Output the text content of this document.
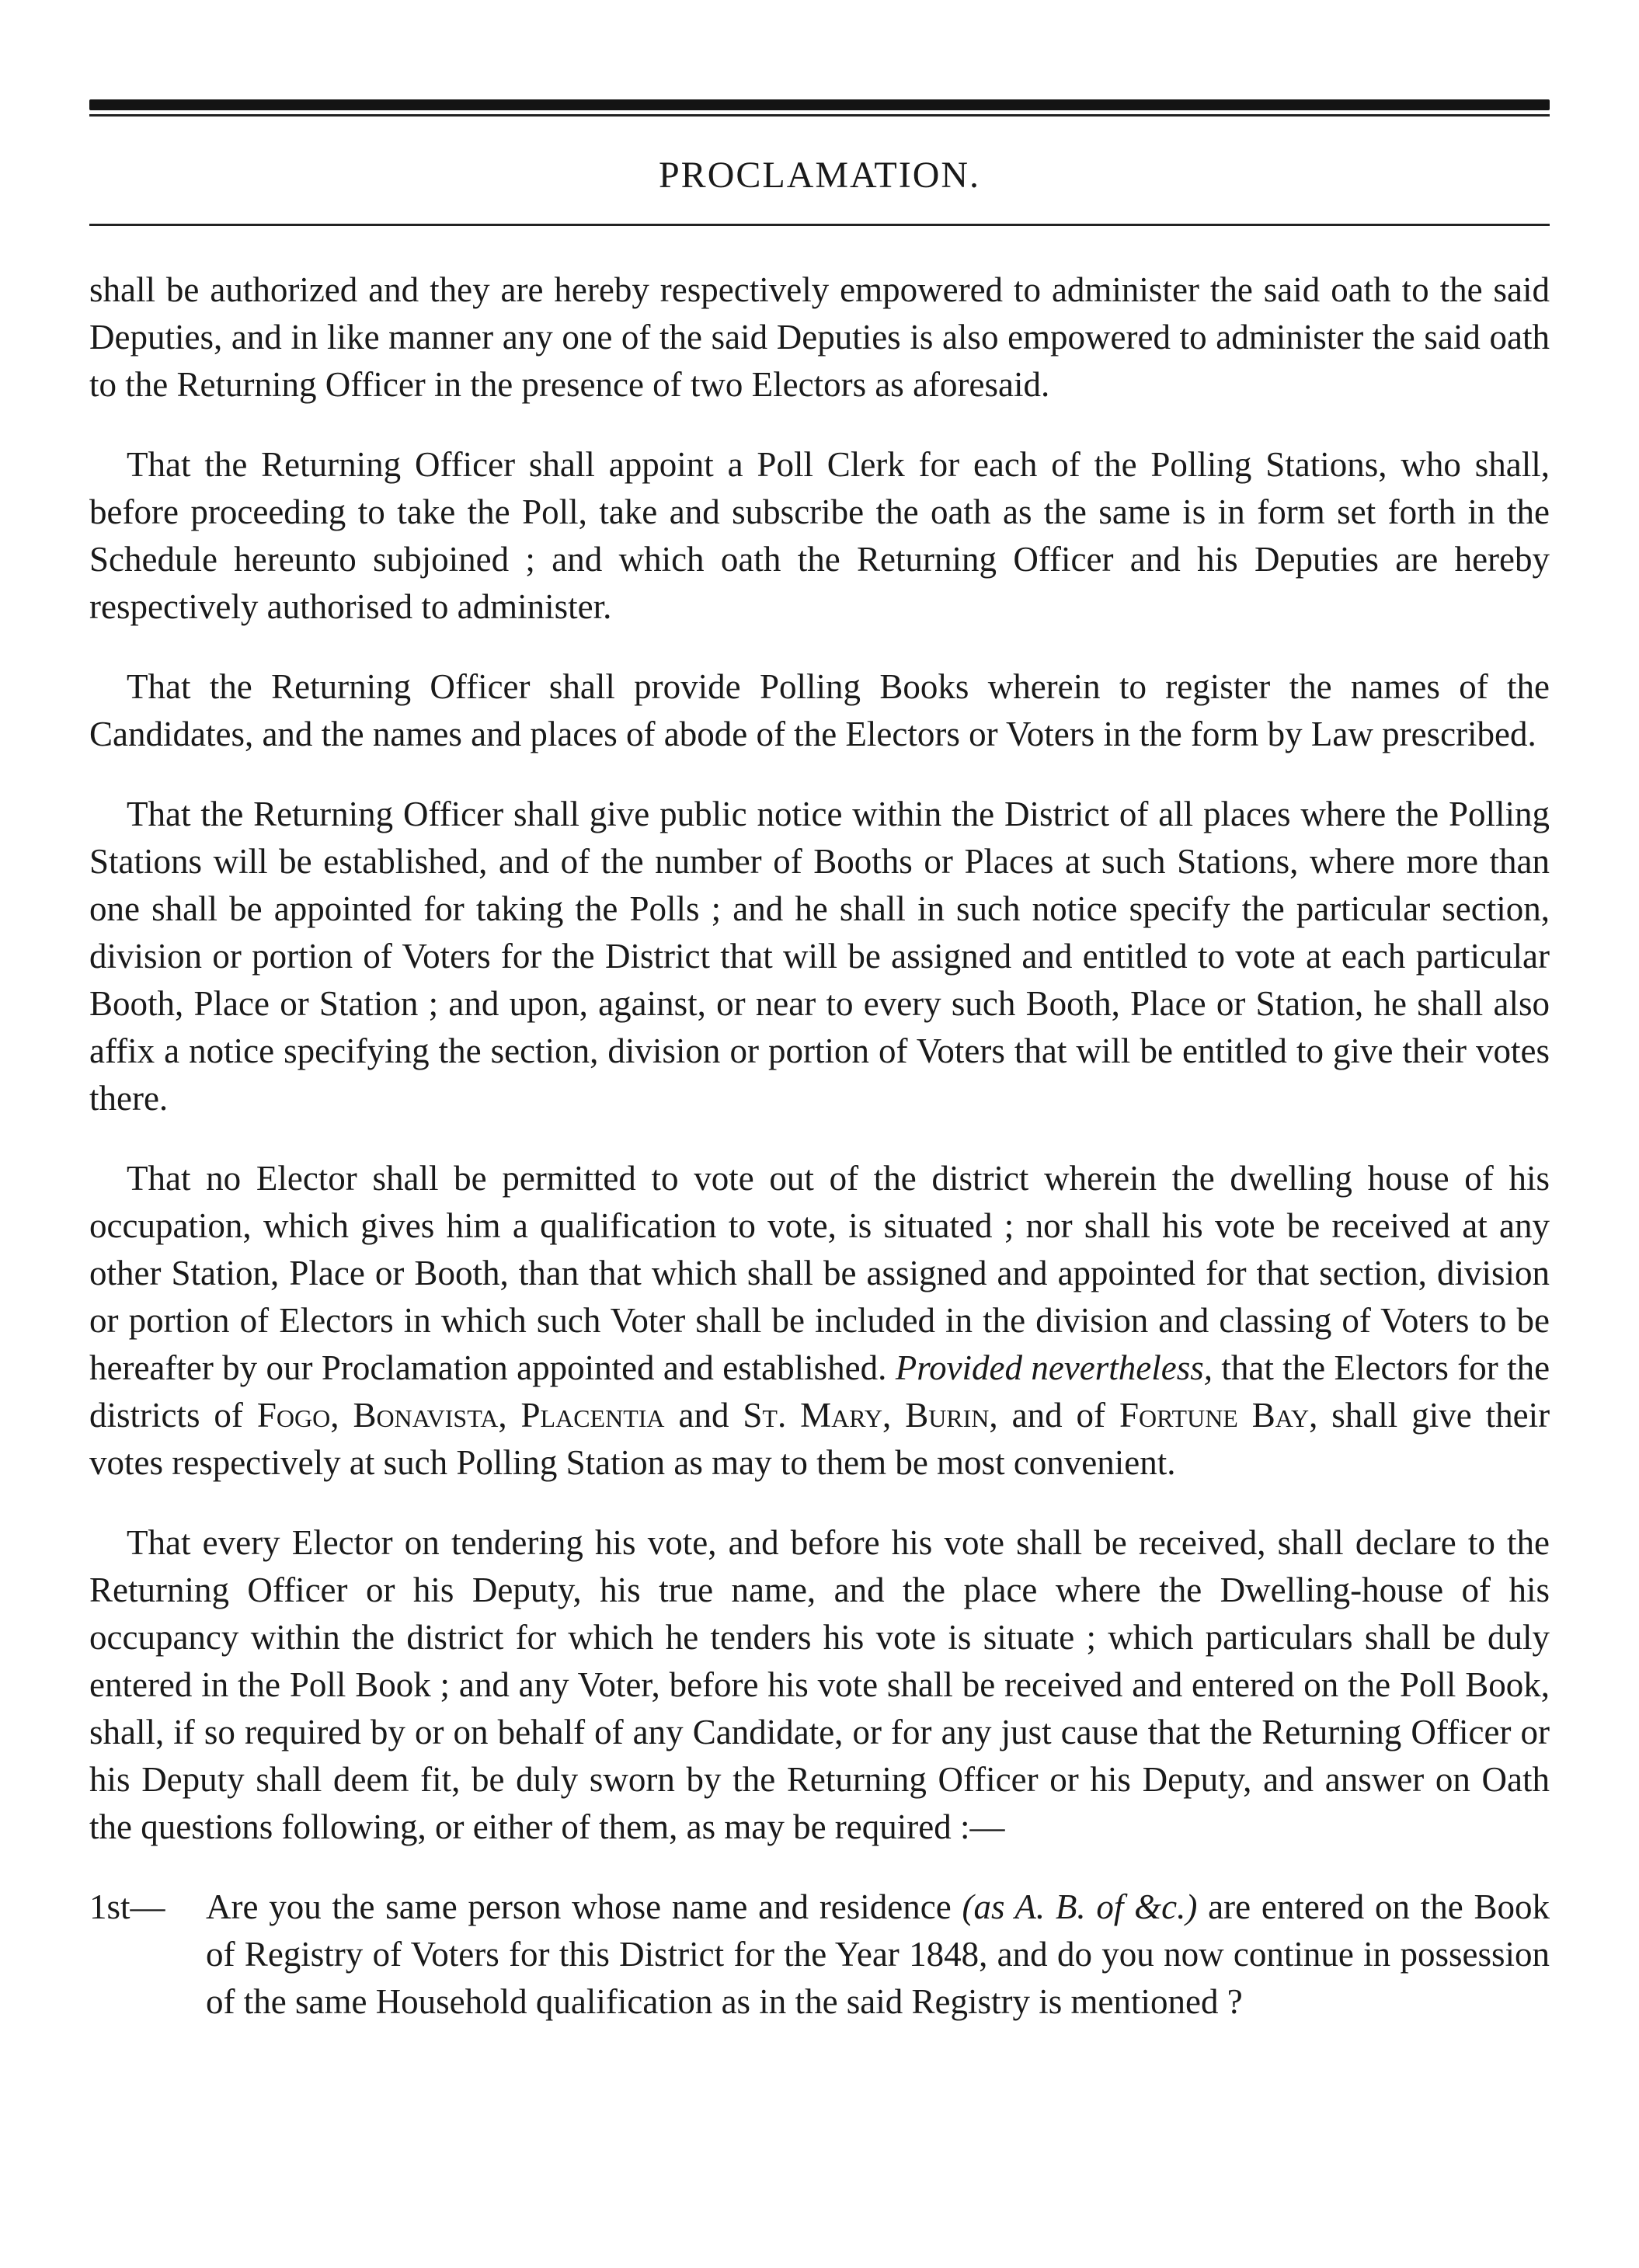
PROCLAMATION.

shall be authorized and they are hereby respectively empowered to administer the said oath to the said Deputies, and in like manner any one of the said Deputies is also empowered to administer the said oath to the Returning Officer in the presence of two Electors as aforesaid.

That the Returning Officer shall appoint a Poll Clerk for each of the Polling Stations, who shall, before proceeding to take the Poll, take and subscribe the oath as the same is in form set forth in the Schedule hereunto subjoined ; and which oath the Returning Officer and his Deputies are hereby respectively authorised to administer.

That the Returning Officer shall provide Polling Books wherein to register the names of the Candidates, and the names and places of abode of the Electors or Voters in the form by Law prescribed.

That the Returning Officer shall give public notice within the District of all places where the Polling Stations will be established, and of the number of Booths or Places at such Stations, where more than one shall be appointed for taking the Polls ; and he shall in such notice specify the particular section, division or portion of Voters for the District that will be assigned and entitled to vote at each particular Booth, Place or Station ; and upon, against, or near to every such Booth, Place or Station, he shall also affix a notice specifying the section, division or portion of Voters that will be entitled to give their votes there.

That no Elector shall be permitted to vote out of the district wherein the dwelling house of his occupation, which gives him a qualification to vote, is situated ; nor shall his vote be received at any other Station, Place or Booth, than that which shall be assigned and appointed for that section, division or portion of Electors in which such Voter shall be included in the division and classing of Voters to be hereafter by our Proclamation appointed and established. Provided nevertheless, that the Electors for the districts of Fogo, Bonavista, Placentia and St. Mary, Burin, and of Fortune Bay, shall give their votes respectively at such Polling Station as may to them be most convenient.

That every Elector on tendering his vote, and before his vote shall be received, shall declare to the Returning Officer or his Deputy, his true name, and the place where the Dwelling-house of his occupancy within the district for which he tenders his vote is situate ; which particulars shall be duly entered in the Poll Book ; and any Voter, before his vote shall be received and entered on the Poll Book, shall, if so required by or on behalf of any Candidate, or for any just cause that the Returning Officer or his Deputy shall deem fit, be duly sworn by the Returning Officer or his Deputy, and answer on Oath the questions following, or either of them, as may be required :—

1st—	Are you the same person whose name and residence (as A. B. of &c.) are entered on the Book of Registry of Voters for this District for the Year 1848, and do you now continue in possession of the same Household qualification as in the said Registry is mentioned ?
